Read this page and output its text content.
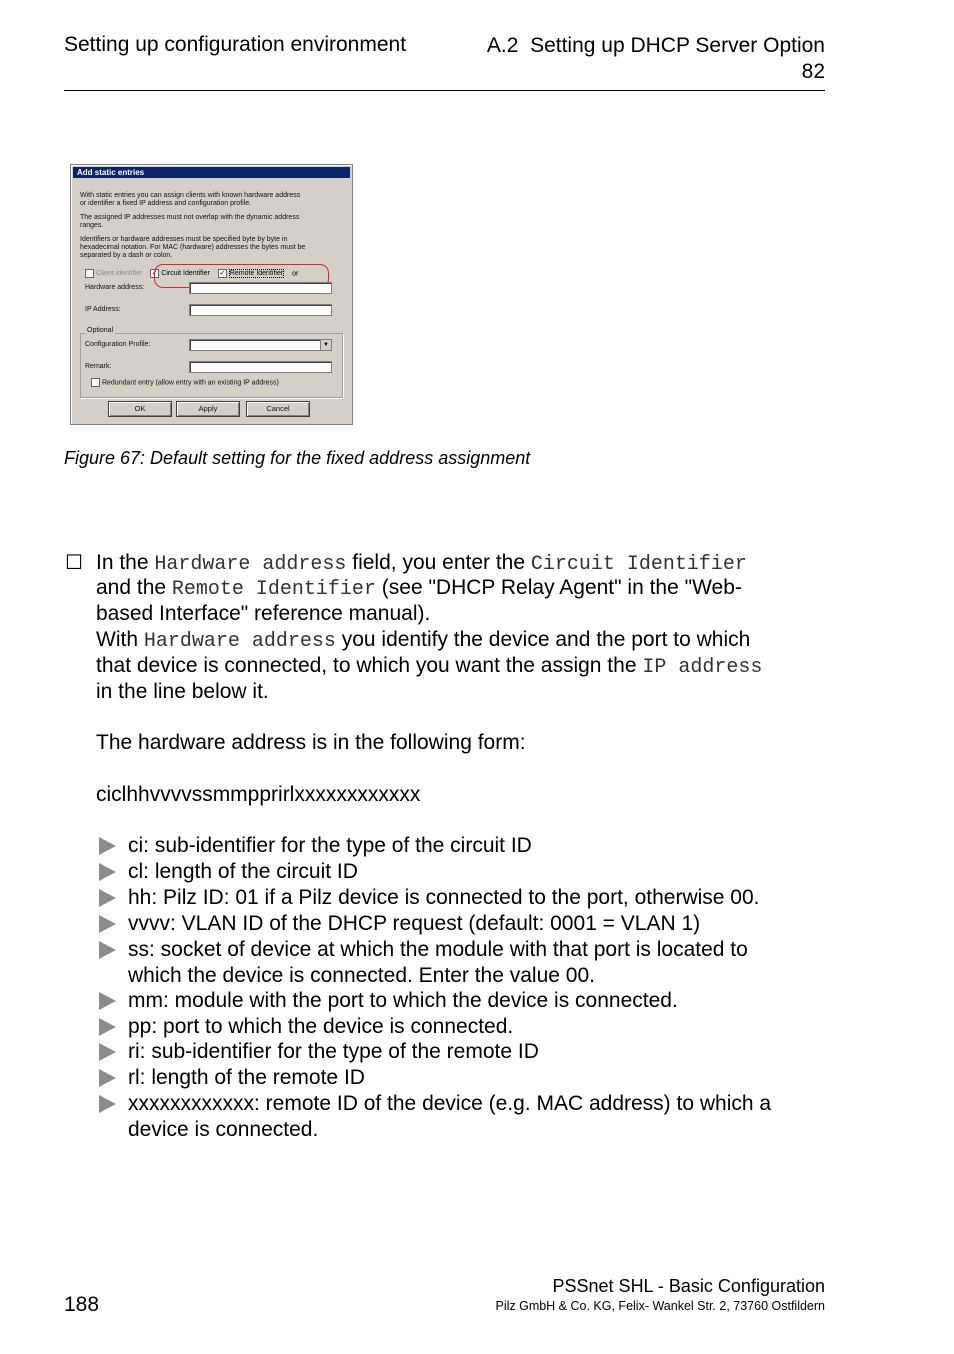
Setting up configuration environment	A.2 Setting up DHCP Server Option
82
Add static entries
With static entries you can assign clients with known hardware address
or identifier a fixed IP address and configuration profile.
The assigned IP addresses must not overlap with the dynamic address
ranges.
Identifiers or hardware addresses must be specified byte by byte in
hexadecimal notation. For MAC (hardware) addresses the bytes must be
separated by a dash or colon.
Client identifier ✓ Circuit Identifier ✓ Remote Identifier or
Hardware address:
IP Address:
Optional
Configuration Profile:	▼
Remark:
Redundant entry (allow entry with an existing IP address)
OK	Apply	Cancel
Figure 67: Default setting for the fixed address assignment
☐ In the Hardware address field, you enter the Circuit Identifier
and the Remote Identifier (see "DHCP Relay Agent" in the "Web-
based Interface" reference manual).
With Hardware address you identify the device and the port to which
that device is connected, to which you want the assign the IP address
in the line below it.
The hardware address is in the following form:
ciclhhvvvvssmmpprirlxxxxxxxxxxxx
ci: sub-identifier for the type of the circuit ID
cl: length of the circuit ID
hh: Pilz ID: 01 if a Pilz device is connected to the port, otherwise 00.
vvvv: VLAN ID of the DHCP request (default: 0001 = VLAN 1)
ss: socket of device at which the module with that port is located to
which the device is connected. Enter the value 00.
mm: module with the port to which the device is connected.
pp: port to which the device is connected.
ri: sub-identifier for the type of the remote ID
rl: length of the remote ID
xxxxxxxxxxxx: remote ID of the device (e.g. MAC address) to which a
device is connected.
188
PSSnet SHL - Basic Configuration
Pilz GmbH & Co. KG, Felix- Wankel Str. 2, 73760 Ostfildern
